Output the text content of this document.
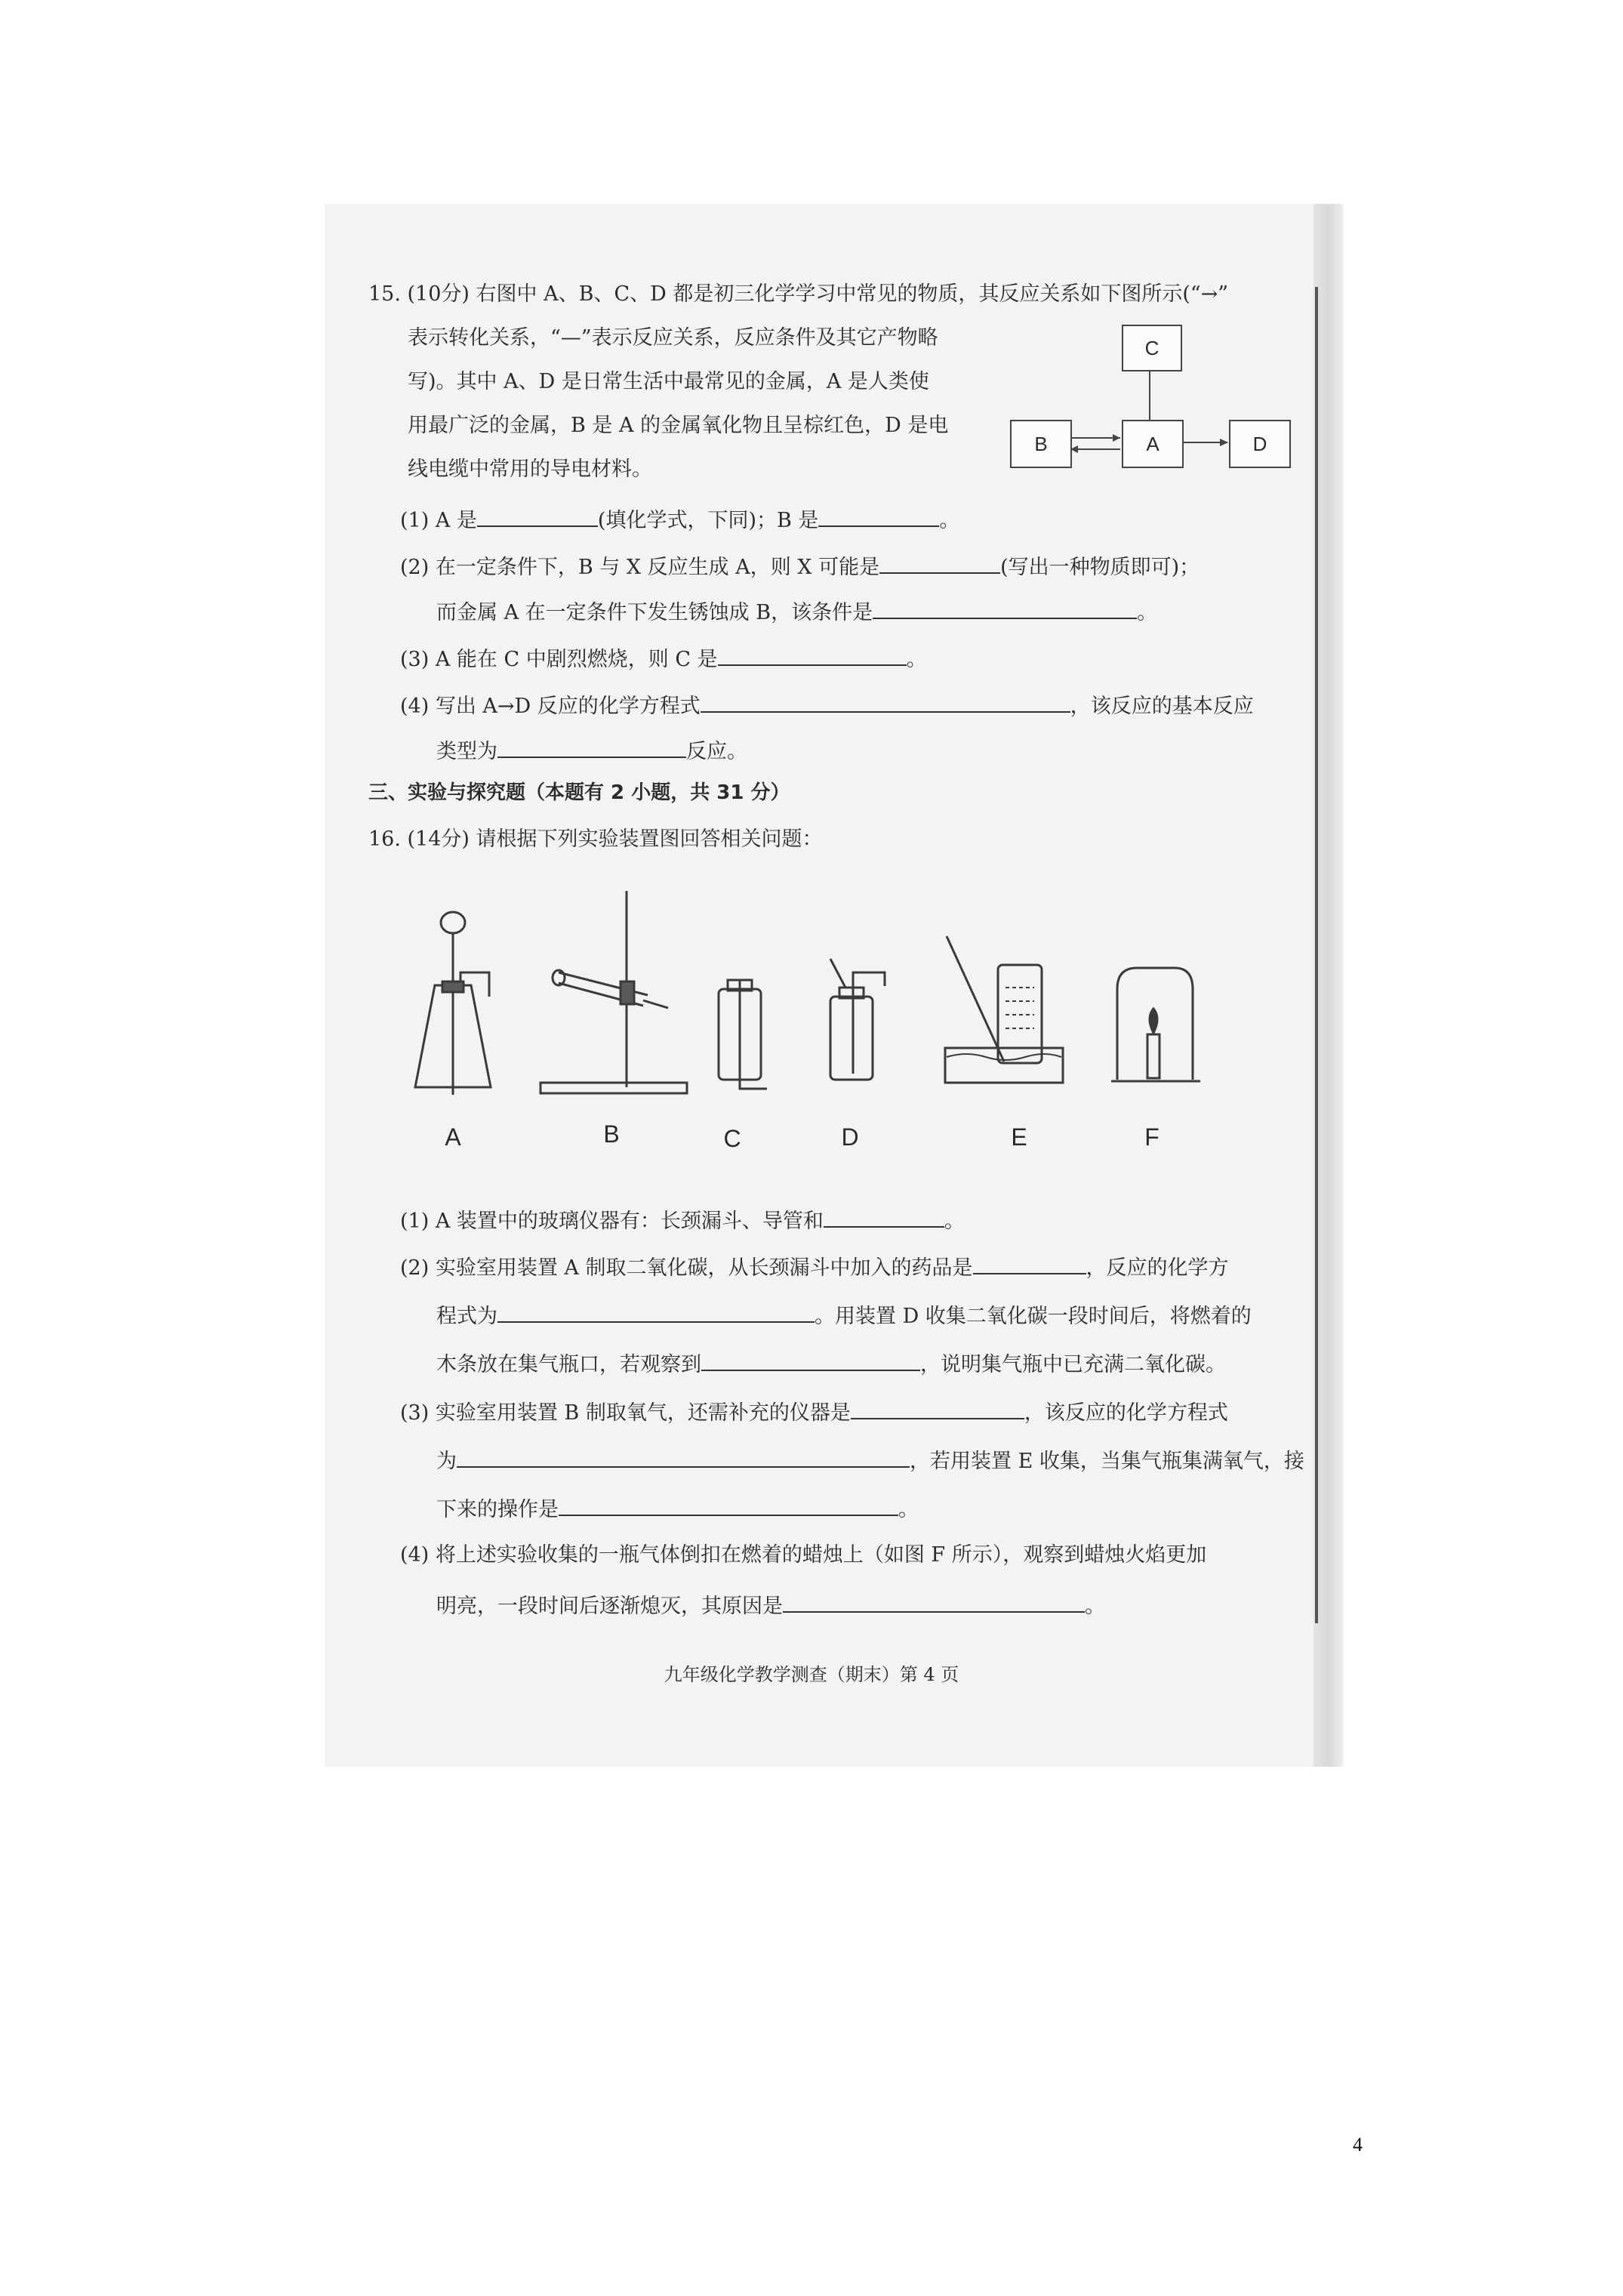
15. (10分) 右图中 A、B、C、D 都是初三化学学习中常见的物质，其反应关系如下图所示(“→”
表示转化关系，“—”表示反应关系，反应条件及其它产物略
写)。其中 A、D 是日常生活中最常见的金属，A 是人类使
用最广泛的金属，B 是 A 的金属氧化物且呈棕红色，D 是电
线电缆中常用的导电材料。
C
B	A	D
(1) A 是	(填化学式，下同)；B 是	。
(2) 在一定条件下，B 与 X 反应生成 A，则 X 可能是	(写出一种物质即可)；
而金属 A 在一定条件下发生锈蚀成 B，该条件是	。
(3) A 能在 C 中剧烈燃烧，则 C 是	。
(4) 写出 A→D 反应的化学方程式	，该反应的基本反应
类型为	反应。
三、实验与探究题（本题有 2 小题，共 31 分）
16. (14分) 请根据下列实验装置图回答相关问题：
A	B	C	D	E	F
(1) A 装置中的玻璃仪器有：长颈漏斗、导管和	。
(2) 实验室用装置 A 制取二氧化碳，从长颈漏斗中加入的药品是	，反应的化学方
程式为	。用装置 D 收集二氧化碳一段时间后，将燃着的
木条放在集气瓶口，若观察到	，说明集气瓶中已充满二氧化碳。
(3) 实验室用装置 B 制取氧气，还需补充的仪器是	，该反应的化学方程式
为	，若用装置 E 收集，当集气瓶集满氧气，接
下来的操作是	。
(4) 将上述实验收集的一瓶气体倒扣在燃着的蜡烛上（如图 F 所示），观察到蜡烛火焰更加
明亮，一段时间后逐渐熄灭，其原因是	。
九年级化学教学测查（期末）第 4 页
4
